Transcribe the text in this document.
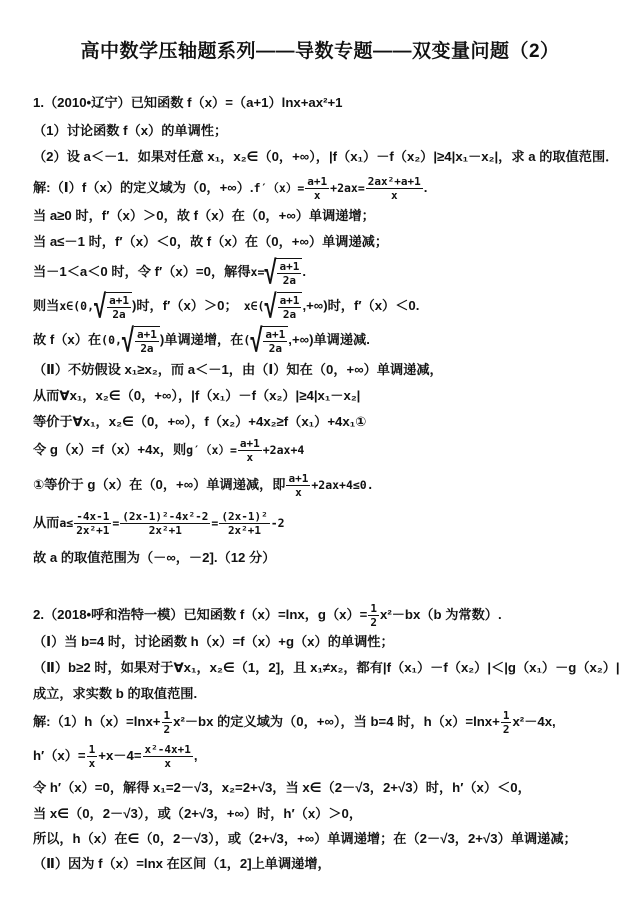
高中数学压轴题系列——导数专题——双变量问题（2）
1.（2010•辽宁）已知函数 f（x）=（a+1）lnx+ax²+1
（1）讨论函数 f（x）的单调性；
（2）设 a＜－1．如果对任意 x₁，x₂∈（0，+∞），|f（x₁）－f（x₂）|≥4|x₁－x₂|，求 a 的取值范围．
解:（Ⅰ）f（x）的定义域为（0，$+\infty).f'(x)= \frac{a+1}{x} +2ax= \frac{\text{2ax²+a+1}}{x}$ .
当 a≥0 时，f′（x）＞0，故 f（x）在（0，+∞）单调递增；
当 a≤－1 时，f′（x）＜0，故 f（x）在（0，+∞）单调递减；
当－1＜a＜0 时，令 f′（x）=0，解得x= √ $\frac{a+1}{2a}$ .
则当x∈(0, √ $\frac{a+1}{2a}$ )时，f′（x）＞0； x∈( √ $\frac{a+1}{2a}$ ,+∞)时，f′（x）＜0.
故 f（x）在(0, √ $\frac{a+1}{2a}$ )单调递增，在( √ $\frac{a+1}{2a}$ ,+∞)单调递减.
（Ⅱ）不妨假设 x₁≥x₂，而 a＜－1，由（Ⅰ）知在（0，+∞）单调递减，
从而∀x₁，x₂∈（0，+∞），|f（x₁）－f（x₂）|≥4|x₁－x₂|
等价于∀x₁，x₂∈（0，+∞），f（x₂）+4x₂≥f（x₁）+4x₁①
令 g（x）=f（x）+4x，则$g'(x)= \frac{a+1}{x} +2ax+4$
①等价于 g（x）在（0，+∞）单调递减，即 $\frac{a+1}{x} +2ax+4\le 0$.
从而$a\le \frac{-4x-1}{\text{2x²+1}} = \frac{\text{(2x-1)²-4x²-2}}{\text{2x²+1}} = \frac{\text{(2x-1)²}}{\text{2x²+1}} -2$
故 a 的取值范围为（－∞，－2].（12 分）
2.（2018•呼和浩特一模）已知函数 f（x）=lnx，$g(x)= \frac{1}{2} x^2-bx(b$ 为常数）.
（Ⅰ）当 b=4 时，讨论函数 h（x）=f（x）+g（x）的单调性；
（Ⅱ）b≥2 时，如果对于∀x₁，x₂∈（1，2]，且 x₁≠x₂，都有|f（x₁）－f（x₂）|＜|g（x₁）－g（x₂）|
成立，求实数 b 的取值范围.
解:（1）h（x）=lnx+ $\frac{1}{2} x^2-bx$ 的定义域为（0，+∞），当 b=4 时，$h(x)=\ln x+ \frac{1}{2} x^2-4x$,
$h'(x)= \frac{1}{x} +x-4= \frac{\text{x²-4x+1}}{x}$ ,
令 h′（x）=0，解得 x₁=2－√3，x₂=2+√3，当 x∈（2－√3，2+√3）时，h′（x）＜0，
当 x∈（0，2－√3），或（2+√3，+∞）时，h′（x）＞0，
所以，h（x）在∈（0，2－√3），或（2+√3，+∞）单调递增；在（2－√3，2+√3）单调递减；
（Ⅱ）因为 f（x）=lnx 在区间（1，2]上单调递增，
